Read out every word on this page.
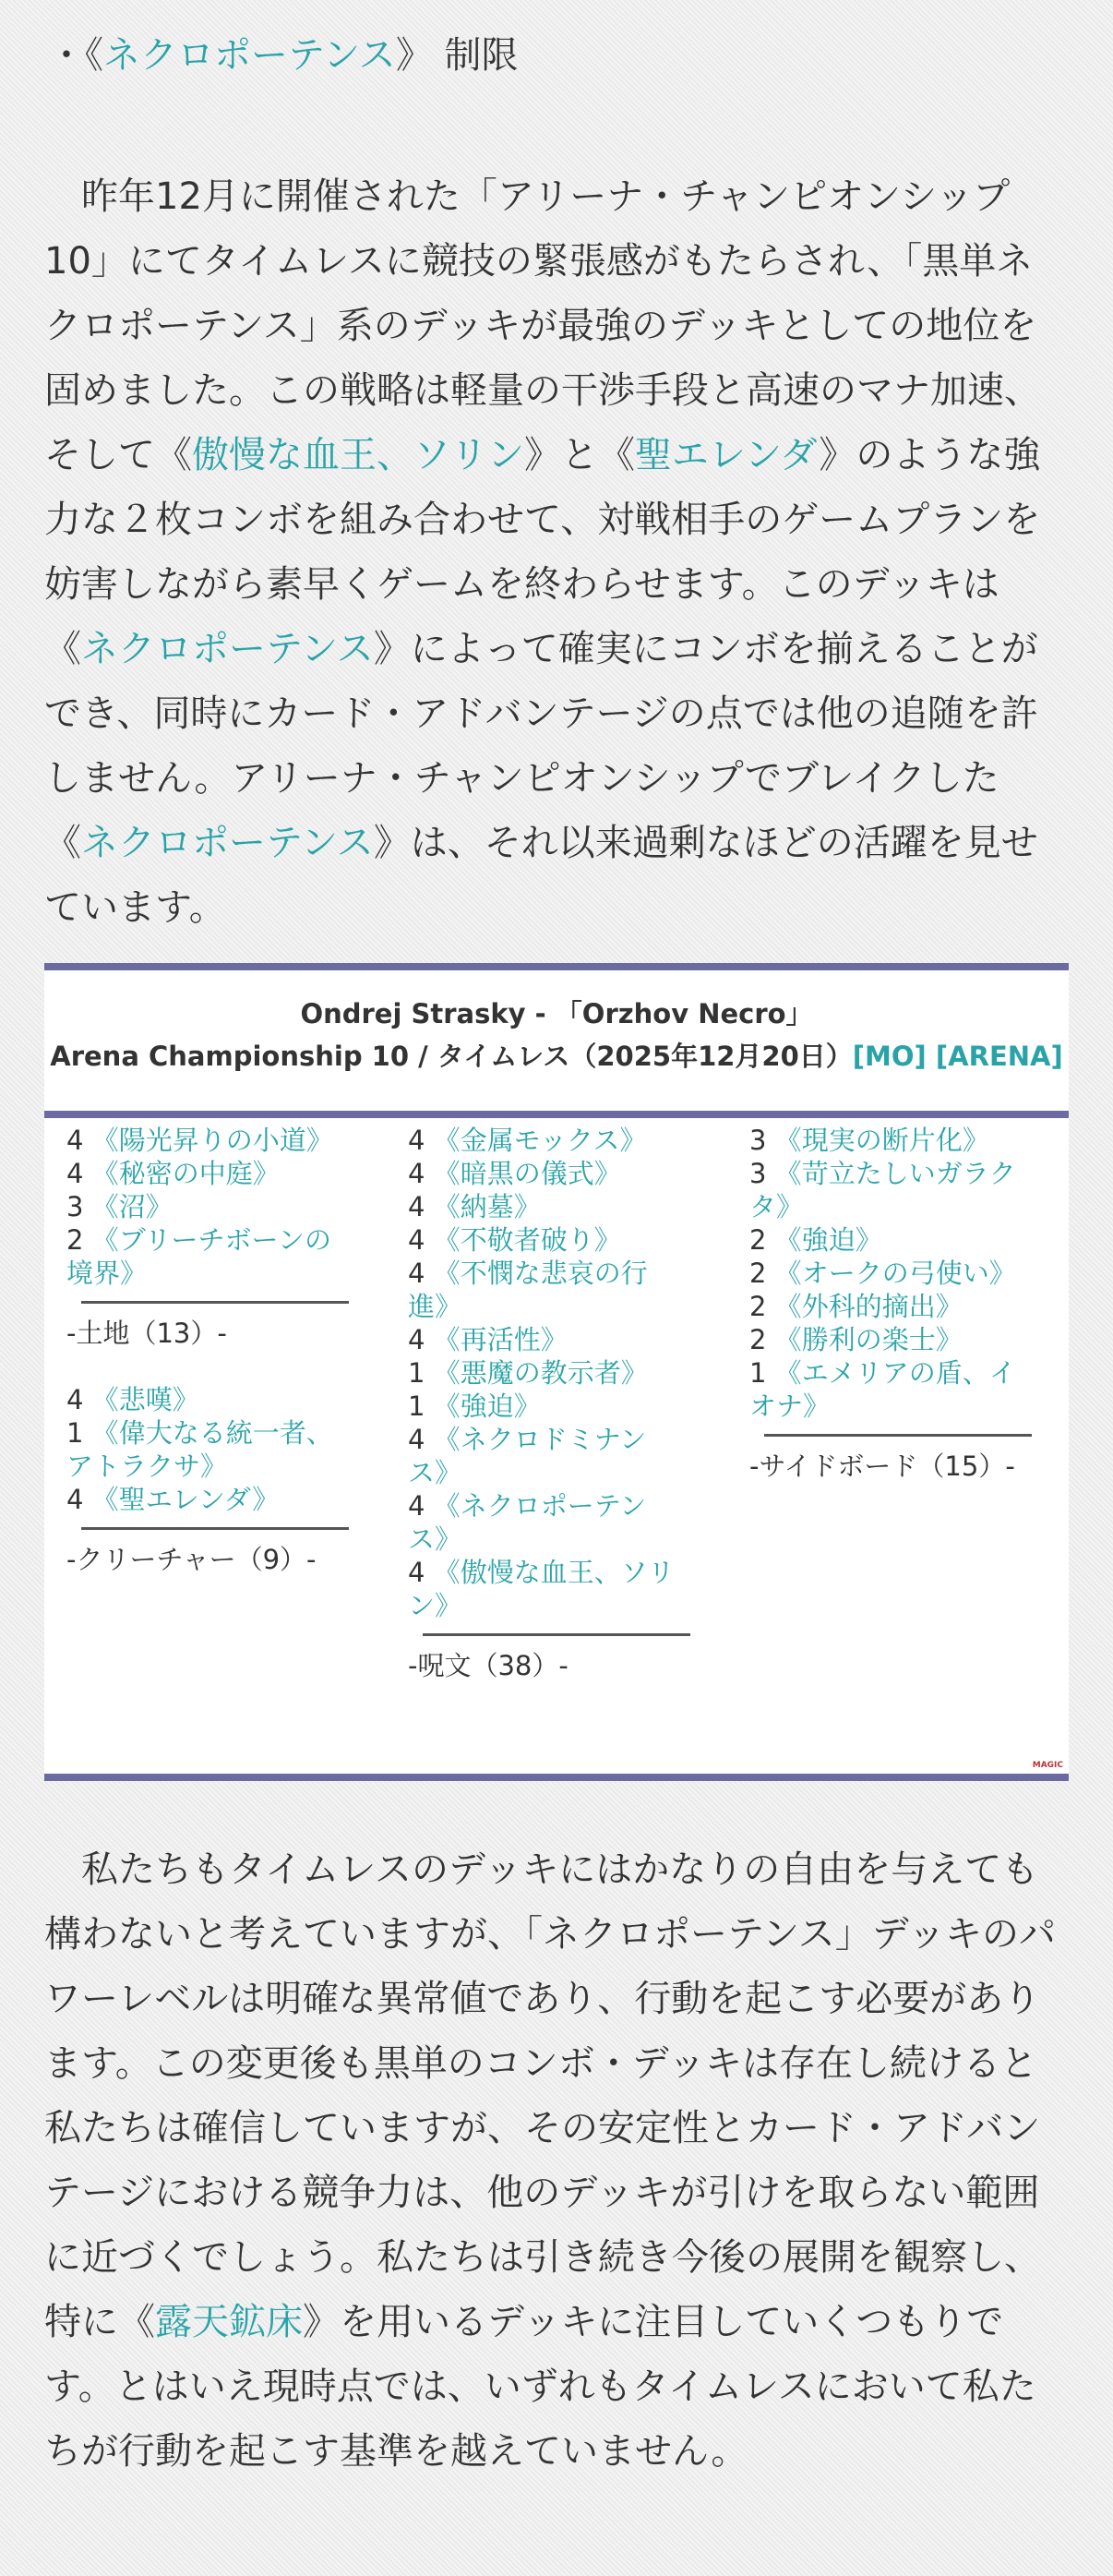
・《ネクロポーテンス》 制限
昨年12月に開催された「アリーナ・チャンピオンシップ10」にてタイムレスに競技の緊張感がもたらされ、「黒単ネクロポーテンス」系のデッキが最強のデッキとしての地位を固めました。この戦略は軽量の干渉手段と高速のマナ加速、そして《傲慢な血王、ソリン》と《聖エレンダ》のような強力な２枚コンボを組み合わせて、対戦相手のゲームプランを妨害しながら素早くゲームを終わらせます。このデッキは《ネクロポーテンス》によって確実にコンボを揃えることができ、同時にカード・アドバンテージの点では他の追随を許しません。アリーナ・チャンピオンシップでブレイクした《ネクロポーテンス》は、それ以来過剰なほどの活躍を見せています。
Ondrej Strasky - 「Orzhov Necro」
Arena Championship 10 / タイムレス（2025年12月20日）[MO] [ARENA]
4 《陽光昇りの小道》
4 《秘密の中庭》
3 《沼》
2 《ブリーチボーンの境界》
-土地（13）-
4 《悲嘆》
1 《偉大なる統一者、アトラクサ》
4 《聖エレンダ》
-クリーチャー（9）-
4 《金属モックス》
4 《暗黒の儀式》
4 《納墓》
4 《不敬者破り》
4 《不憫な悲哀の行進》
4 《再活性》
1 《悪魔の教示者》
1 《強迫》
4 《ネクロドミナンス》
4 《ネクロポーテンス》
4 《傲慢な血王、ソリン》
-呪文（38）-
3 《現実の断片化》
3 《苛立たしいガラクタ》
2 《強迫》
2 《オークの弓使い》
2 《外科的摘出》
2 《勝利の楽士》
1 《エメリアの盾、イオナ》
-サイドボード（15）-
MAGIC
私たちもタイムレスのデッキにはかなりの自由を与えても構わないと考えていますが、「ネクロポーテンス」デッキのパワーレベルは明確な異常値であり、行動を起こす必要があります。この変更後も黒単のコンボ・デッキは存在し続けると私たちは確信していますが、その安定性とカード・アドバンテージにおける競争力は、他のデッキが引けを取らない範囲に近づくでしょう。私たちは引き続き今後の展開を観察し、特に《露天鉱床》を用いるデッキに注目していくつもりです。とはいえ現時点では、いずれもタイムレスにおいて私たちが行動を起こす基準を越えていません。
